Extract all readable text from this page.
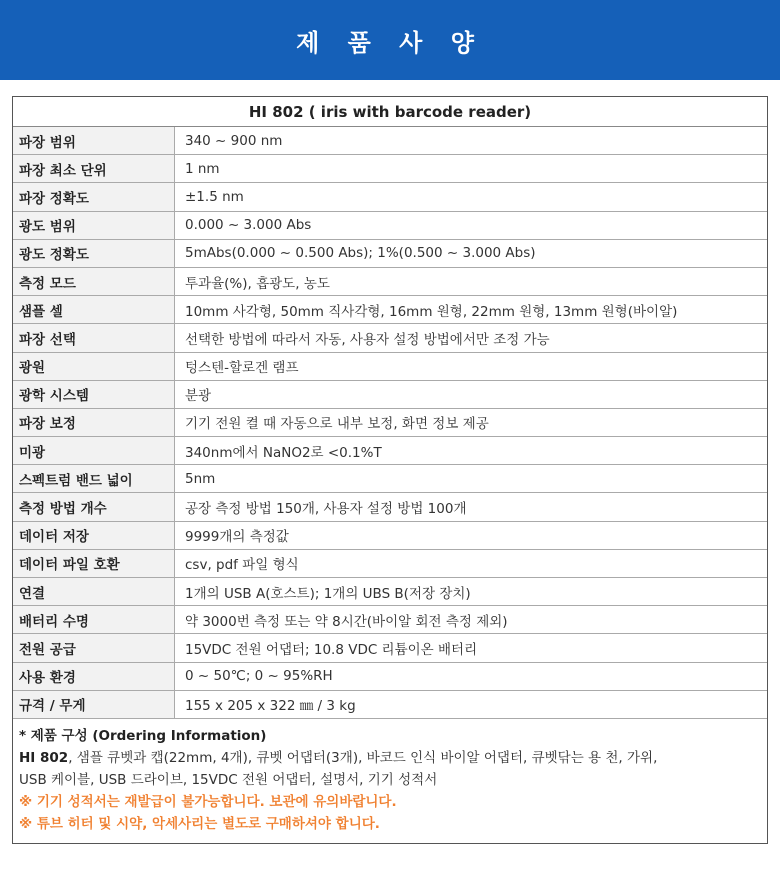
제 품 사 양
HI 802 ( iris with barcode reader)
파장 범위	340 ~ 900 nm
파장 최소 단위	1 nm
파장 정확도	±1.5 nm
광도 범위	0.000 ~ 3.000 Abs
광도 정확도	5mAbs(0.000 ~ 0.500 Abs); 1%(0.500 ~ 3.000 Abs)
측정 모드	투과율(%), 흡광도, 농도
샘플 셀	10mm 사각형, 50mm 직사각형, 16mm 원형, 22mm 원형, 13mm 원형(바이알)
파장 선택	선택한 방법에 따라서 자동, 사용자 설정 방법에서만 조정 가능
광원	텅스텐-할로겐 램프
광학 시스템	분광
파장 보정	기기 전원 켤 때 자동으로 내부 보정, 화면 정보 제공
미광	340nm에서 NaNO2로 <0.1%T
스펙트럼 밴드 넓이	5nm
측정 방법 개수	공장 측정 방법 150개, 사용자 설정 방법 100개
데이터 저장	9999개의 측정값
데이터 파일 호환	csv, pdf 파일 형식
연결	1개의 USB A(호스트); 1개의 UBS B(저장 장치)
배터리 수명	약 3000번 측정 또는 약 8시간(바이알 회전 측정 제외)
전원 공급	15VDC 전원 어댑터; 10.8 VDC 리튬이온 배터리
사용 환경	0 ~ 50℃; 0 ~ 95%RH
규격 / 무게	155 x 205 x 322 ㎜ / 3 kg
* 제품 구성 (Ordering Information)
HI 802, 샘플 큐벳과 캡(22mm, 4개), 큐벳 어댑터(3개), 바코드 인식 바이알 어댑터, 큐벳닦는 용 천, 가위,
USB 케이블, USB 드라이브, 15VDC 전원 어댑터, 설명서, 기기 성적서
※ 기기 성적서는 재발급이 불가능합니다. 보관에 유의바랍니다.
※ 튜브 히터 및 시약, 악세사리는 별도로 구매하셔야 합니다.
